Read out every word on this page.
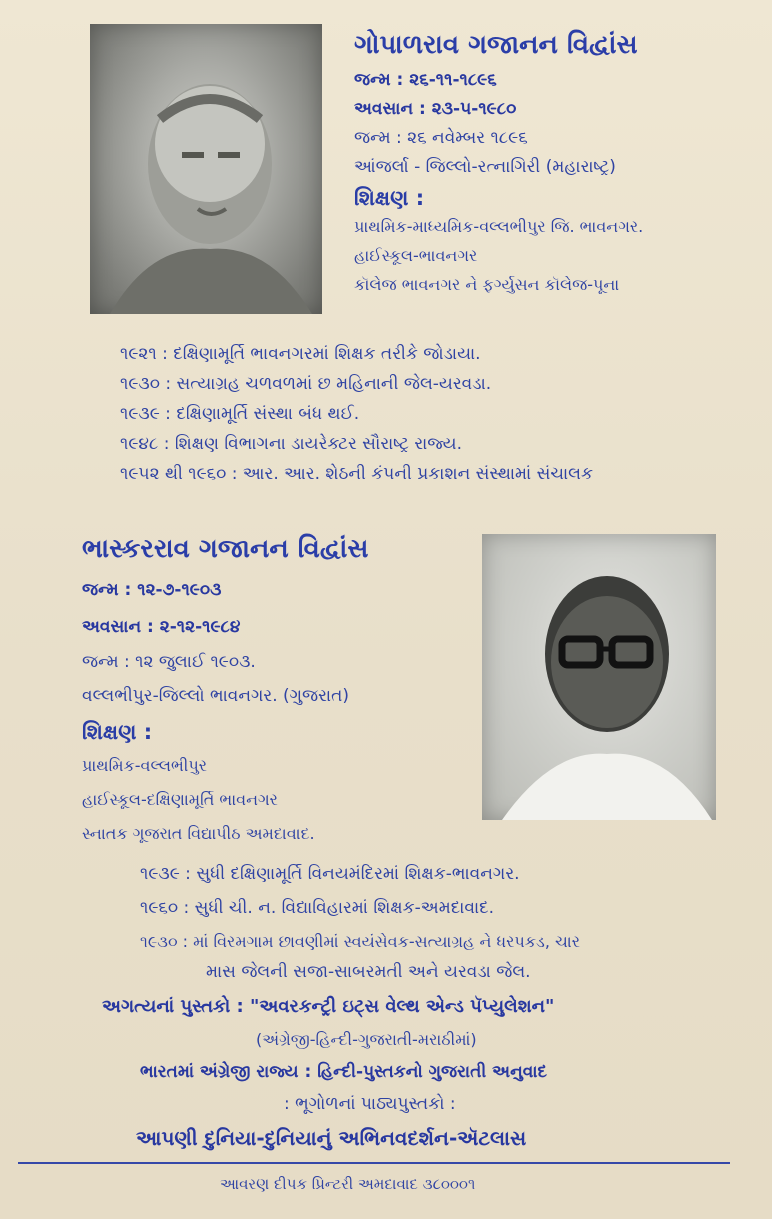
ગોપાળરાવ ગજાનન વિદ્વાંસ
જન્મ : ૨૬-૧૧-૧૮૯૬
અવસાન : ૨૩-૫-૧૯૮૦
જન્મ : ૨૬ નવેમ્બર ૧૮૯૬
આંજર્લા - જિલ્લો-રત્નાગિરી (મહારાષ્ટ્ર)
શિક્ષણ :
પ્રાથમિક-માધ્યમિક-વલ્લભીપુર જિ. ભાવનગર.
હાઈસ્કૂલ-ભાવનગર
કૉલેજ ભાવનગર ને ફર્ગ્યુસન કૉલેજ-પૂના
૧૯૨૧ : દક્ષિણામૂર્તિ ભાવનગરમાં શિક્ષક તરીકે જોડાયા.
૧૯૩૦ : સત્યાગ્રહ ચળવળમાં છ મહિનાની જેલ-યરવડા.
૧૯૩૯ : દક્ષિણામૂર્તિ સંસ્થા બંધ થઈ.
૧૯૪૮ : શિક્ષણ વિભાગના ડાયરેક્ટર સૌરાષ્ટ્ર રાજ્ય.
૧૯૫૨ થી ૧૯૬૦ : આર. આર. શેઠની કંપની પ્રકાશન સંસ્થામાં સંચાલક
ભાસ્કરરાવ ગજાનન વિદ્વાંસ
જન્મ : ૧૨-૭-૧૯૦૩
અવસાન : ૨-૧૨-૧૯૮૪
જન્મ : ૧૨ જુલાઈ ૧૯૦૩.
વલ્લભીપુર-જિલ્લો ભાવનગર. (ગુજરાત)
શિક્ષણ :
પ્રાથમિક-વલ્લભીપુર
હાઈસ્કૂલ-દક્ષિણામૂર્તિ ભાવનગર
સ્નાતક ગૂજરાત વિદ્યાપીઠ અમદાવાદ.
૧૯૩૯ : સુધી દક્ષિણામૂર્તિ વિનયમંદિરમાં શિક્ષક-ભાવનગર.
૧૯૬૦ : સુધી ચી. ન. વિદ્યાવિહારમાં શિક્ષક-અમદાવાદ.
૧૯૩૦ : માં વિરમગામ છાવણીમાં સ્વયંસેવક-સત્યાગ્રહ ને ધરપકડ, ચાર
માસ જેલની સજા-સાબરમતી અને યરવડા જેલ.
અગત્યનાં પુસ્તકો : "અવરકન્ટ્રી ઇટ્સ વેલ્થ એન્ડ પૅપ્યુલેશન"
(અંગ્રેજી-હિન્દી-ગુજરાતી-મરાઠીમાં)
ભારતમાં અંગ્રેજી રાજ્ય : હિન્દી-પુસ્તકનો ગુજરાતી અનુવાદ
: ભૂગોળનાં પાઠ્યપુસ્તકો :
આપણી દુનિયા-દુનિયાનું અભિનવદર્શન-ઍટલાસ
આવરણ દીપક પ્રિન્ટરી અમદાવાદ ૩૮૦૦૦૧
